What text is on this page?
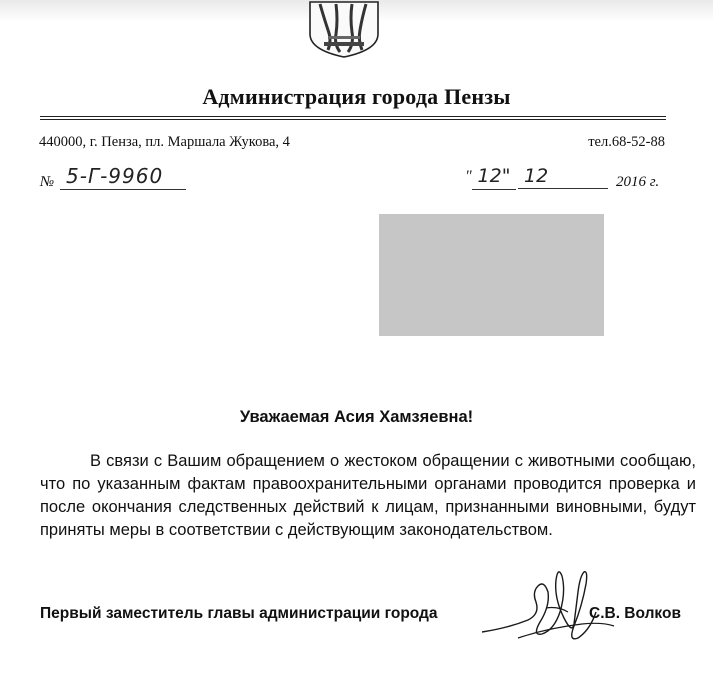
Администрация города Пензы
440000, г. Пенза, пл. Маршала Жукова, 4	тел.68-52-88
№ 5-Г-9960	" 12" 12	2016 г.
Уважаемая Асия Хамзяевна!
В связи с Вашим обращением о жестоком обращении с животными сообщаю, что по указанным фактам правоохранительными органами проводится проверка и после окончания следственных действий к лицам, признанными виновными, будут приняты меры в соответствии с действующим законодательством.
Первый заместитель главы администрации города	С.В. Волков
